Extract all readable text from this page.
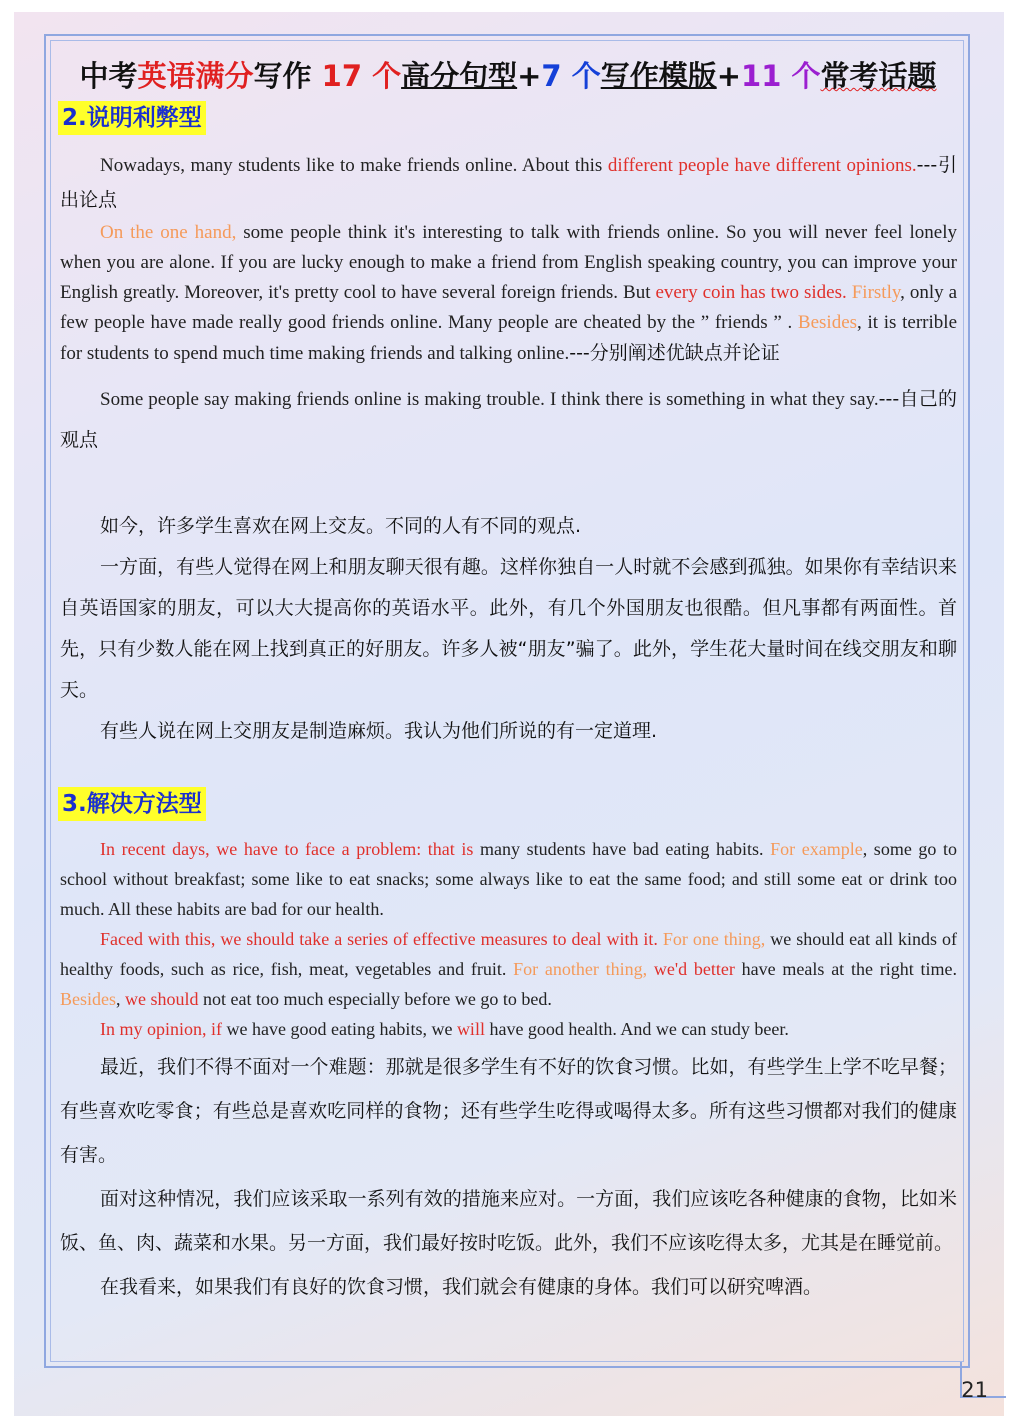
中考英语满分写作 17 个高分句型+7 个写作模版+11 个常考话题
2.说明利弊型

Nowadays, many students like to make friends online. About this different people have different opinions.---引出论点

On the one hand, some people think it's interesting to talk with friends online. So you will never feel lonely when you are alone. If you are lucky enough to make a friend from English speaking country, you can improve your English greatly. Moreover, it's pretty cool to have several foreign friends. But every coin has two sides. Firstly, only a few people have made really good friends online. Many people are cheated by the ” friends ” . Besides, it is terrible for students to spend much time making friends and talking online.---分别阐述优缺点并论证

Some people say making friends online is making trouble. I think there is something in what they say.---自己的观点

如今，许多学生喜欢在网上交友。不同的人有不同的观点.

一方面，有些人觉得在网上和朋友聊天很有趣。这样你独自一人时就不会感到孤独。如果你有幸结识来自英语国家的朋友，可以大大提高你的英语水平。此外，有几个外国朋友也很酷。但凡事都有两面性。首先，只有少数人能在网上找到真正的好朋友。许多人被“朋友”骗了。此外，学生花大量时间在线交朋友和聊天。

有些人说在网上交朋友是制造麻烦。我认为他们所说的有一定道理.

3.解决方法型

In recent days, we have to face a problem: that is many students have bad eating habits. For example, some go to school without breakfast; some like to eat snacks; some always like to eat the same food; and still some eat or drink too much. All these habits are bad for our health.

Faced with this, we should take a series of effective measures to deal with it. For one thing, we should eat all kinds of healthy foods, such as rice, fish, meat, vegetables and fruit. For another thing, we'd better have meals at the right time. Besides, we should not eat too much especially before we go to bed.

In my opinion, if we have good eating habits, we will have good health. And we can study beer.

最近，我们不得不面对一个难题：那就是很多学生有不好的饮食习惯。比如，有些学生上学不吃早餐；有些喜欢吃零食；有些总是喜欢吃同样的食物；还有些学生吃得或喝得太多。所有这些习惯都对我们的健康有害。

面对这种情况，我们应该采取一系列有效的措施来应对。一方面，我们应该吃各种健康的食物，比如米饭、鱼、肉、蔬菜和水果。另一方面，我们最好按时吃饭。此外，我们不应该吃得太多，尤其是在睡觉前。

在我看来，如果我们有良好的饮食习惯，我们就会有健康的身体。我们可以研究啤酒。

21
